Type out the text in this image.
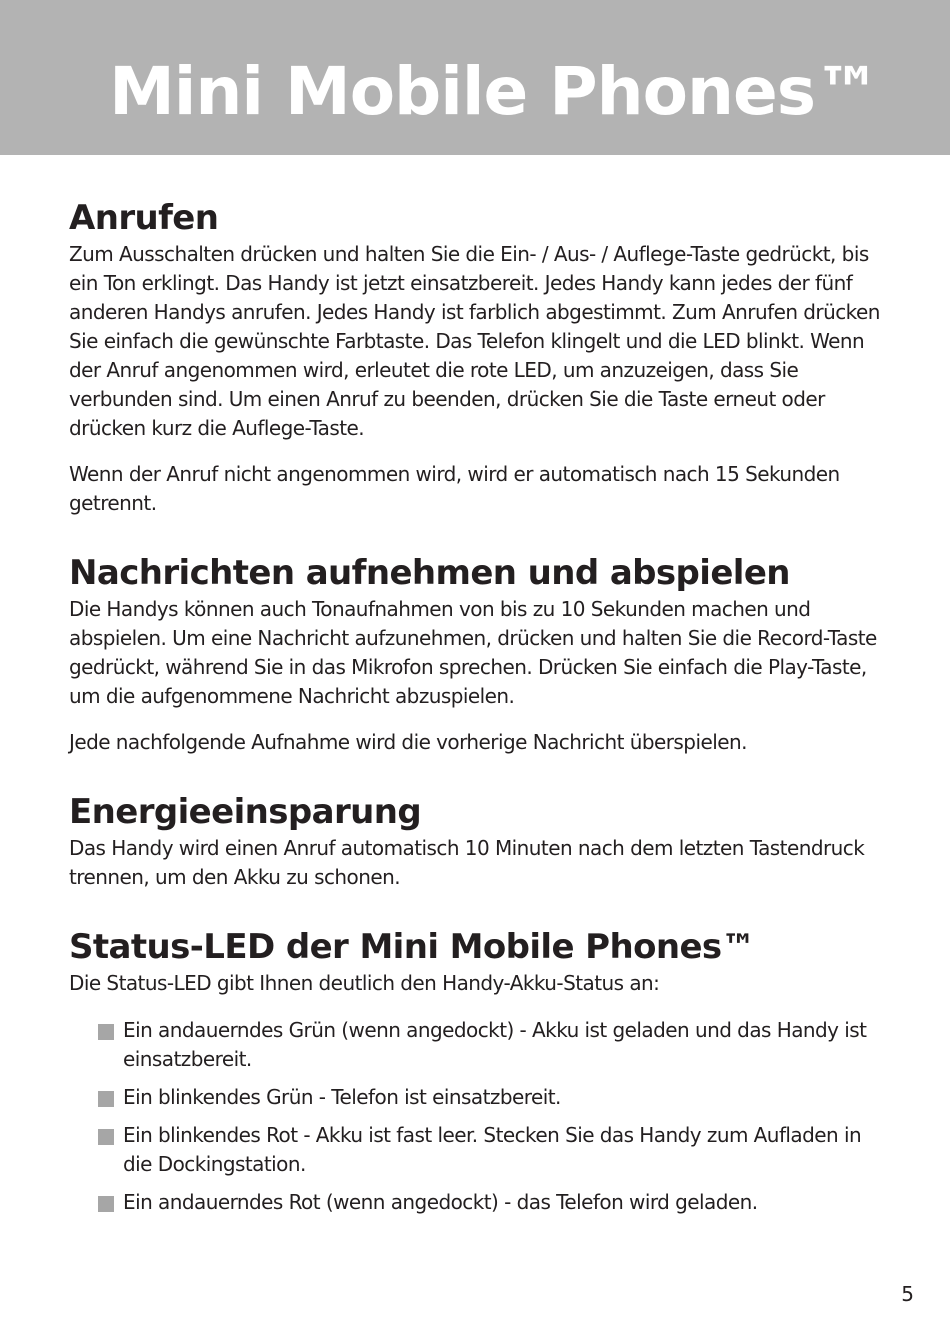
Mini Mobile Phones™
Anrufen

Zum Ausschalten drücken und halten Sie die Ein- / Aus- / Auflege-Taste gedrückt, bis ein Ton erklingt. Das Handy ist jetzt einsatzbereit. Jedes Handy kann jedes der fünf anderen Handys anrufen. Jedes Handy ist farblich abgestimmt. Zum Anrufen drücken Sie einfach die gewünschte Farbtaste. Das Telefon klingelt und die LED blinkt. Wenn der Anruf angenommen wird, erleutet die rote LED, um anzuzeigen, dass Sie verbunden sind. Um einen Anruf zu beenden, drücken Sie die Taste erneut oder drücken kurz die Auflege-Taste.

Wenn der Anruf nicht angenommen wird, wird er automatisch nach 15 Sekunden getrennt.

Nachrichten aufnehmen und abspielen

Die Handys können auch Tonaufnahmen von bis zu 10 Sekunden machen und abspielen. Um eine Nachricht aufzunehmen, drücken und halten Sie die Record-Taste gedrückt, während Sie in das Mikrofon sprechen. Drücken Sie einfach die Play-Taste, um die aufgenommene Nachricht abzuspielen.

Jede nachfolgende Aufnahme wird die vorherige Nachricht überspielen.

Energieeinsparung

Das Handy wird einen Anruf automatisch 10 Minuten nach dem letzten Tastendruck trennen, um den Akku zu schonen.

Status-LED der Mini Mobile Phones™

Die Status-LED gibt Ihnen deutlich den Handy-Akku-Status an:

Ein andauerndes Grün (wenn angedockt) - Akku ist geladen und das Handy ist einsatzbereit.
Ein blinkendes Grün - Telefon ist einsatzbereit.
Ein blinkendes Rot - Akku ist fast leer. Stecken Sie das Handy zum Aufladen in die Dockingstation.
Ein andauerndes Rot (wenn angedockt) - das Telefon wird geladen.
5
